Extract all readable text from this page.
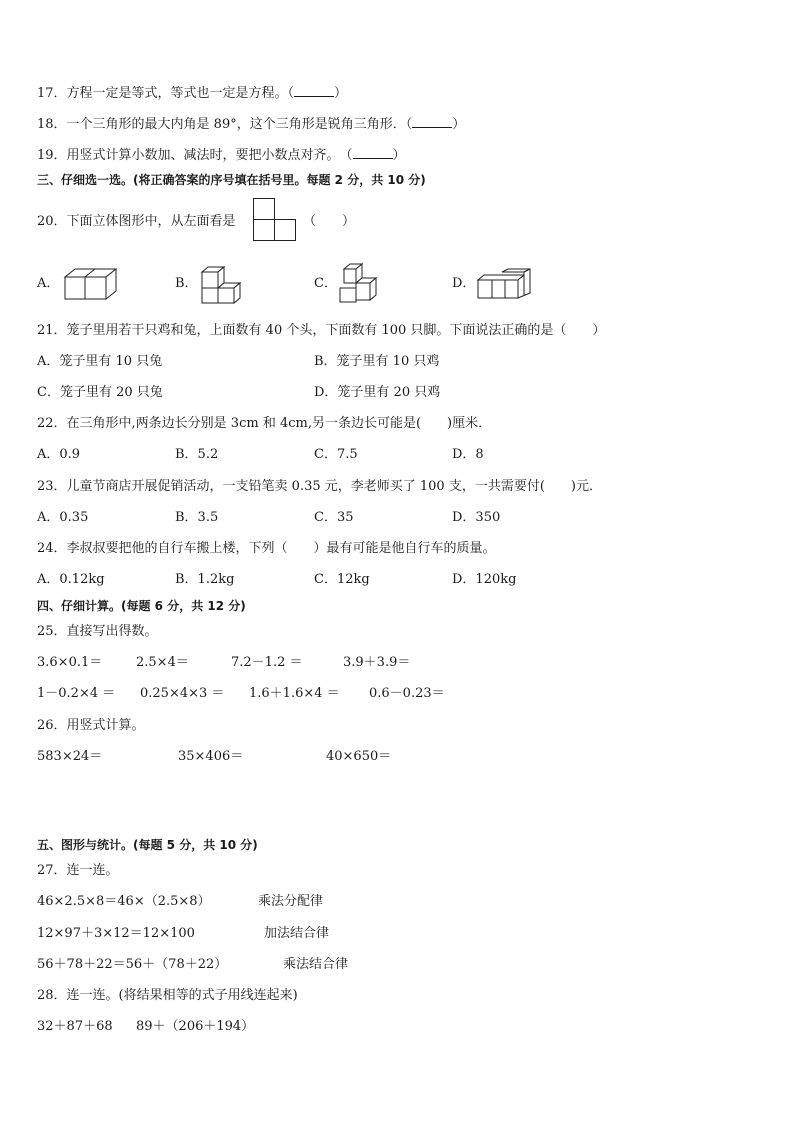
17．方程一定是等式，等式也一定是方程。（	）
18．一个三角形的最大内角是 89°，这个三角形是锐角三角形．（	）
19．用竖式计算小数加、减法时，要把小数点对齐。　（	）
三、仔细选一选。(将正确答案的序号填在括号里。每题 2 分，共 10 分)
20．下面立体图形中，从左面看是	（　　）
A．	B．	C．	D．
21．笼子里用若干只鸡和兔，上面数有 40 个头，下面数有 100 只脚。下面说法正确的是（　　）
A．笼子里有 10 只兔	B．笼子里有 10 只鸡
C．笼子里有 20 只兔	D．笼子里有 20 只鸡
22．在三角形中,两条边长分别是 3cm 和 4cm,另一条边长可能是(　　)厘米．
A．0.9	B．5.2	C．7.5	D．8
23．儿童节商店开展促销活动，一支铅笔卖 0.35 元，李老师买了 100 支，一共需要付(　　)元．
A．0.35	B．3.5	C．35	D．350
24．李叔叔要把他的自行车搬上楼，下列（　　）最有可能是他自行车的质量。
A．0.12kg	B．1.2kg	C．12kg	D．120kg
四、仔细计算。(每题 6 分，共 12 分)
25．直接写出得数。
3.6×0.1＝	2.5×4＝	7.2－1.2 ＝	3.9＋3.9＝
1－0.2×4 ＝ 0.25×4×3 ＝ 1.6＋1.6×4 ＝ 0.6－0.23＝
26．用竖式计算。
583×24＝	35×406＝	40×650＝
五、图形与统计。(每题 5 分，共 10 分)
27．连一连。
46×2.5×8＝46×（2.5×8）	乘法分配律
12×97＋3×12＝12×100	加法结合律
56＋78＋22＝56＋（78＋22）	乘法结合律
28．连一连。(将结果相等的式子用线连起来)
32＋87＋68 89＋（206＋194）
